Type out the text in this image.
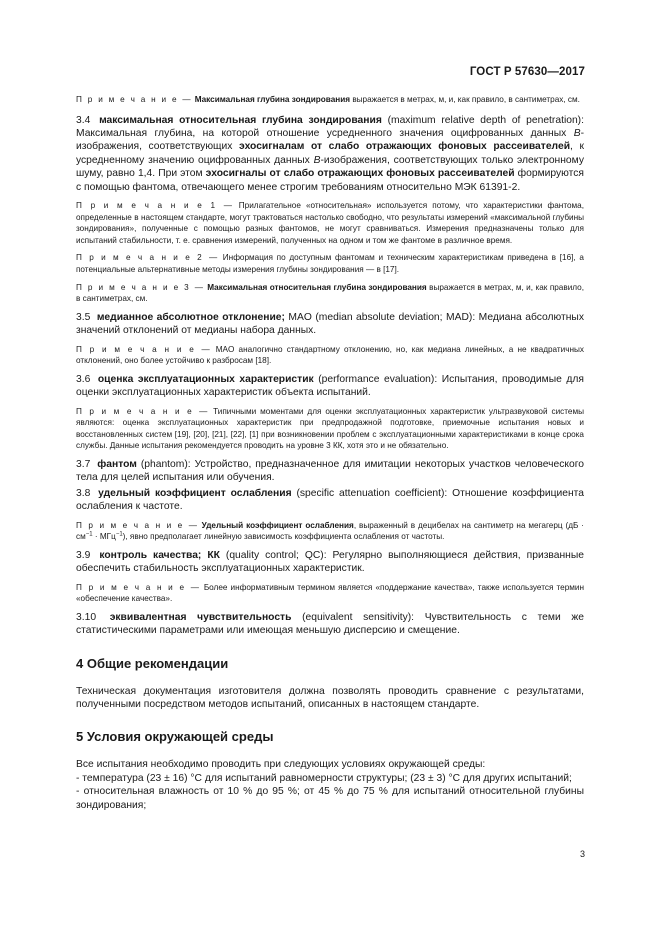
ГОСТ Р 57630—2017

П р и м е ч а н и е — Максимальная глубина зондирования выражается в метрах, м, и, как правило, в сантиметрах, см.

3.4 максимальная относительная глубина зондирования (maximum relative depth of penetration): Максимальная глубина, на которой отношение усредненного значения оцифрованных данных B-изображения, соответствующих эхосигналам от слабо отражающих фоновых рассеивателей, к усредненному значению оцифрованных данных B-изображения, соответствующих только электронному шуму, равно 1,4. При этом эхосигналы от слабо отражающих фоновых рассеивателей формируются с помощью фантома, отвечающего менее строгим требованиям относительно МЭК 61391-2.

П р и м е ч а н и е 1 — Прилагательное «относительная» используется потому, что характеристики фантома, определенные в настоящем стандарте, могут трактоваться настолько свободно, что результаты измерений «максимальной глубины зондирования», полученные с помощью разных фантомов, не могут сравниваться. Измерения предназначены только для испытаний стабильности, т. е. сравнения измерений, полученных на одном и том же фантоме в различное время.

П р и м е ч а н и е 2 — Информация по доступным фантомам и техническим характеристикам приведена в [16], а потенциальные альтернативные методы измерения глубины зондирования — в [17].

П р и м е ч а н и е 3 — Максимальная относительная глубина зондирования выражается в метрах, м, и, как правило, в сантиметрах, см.

3.5 медианное абсолютное отклонение; MAO (median absolute deviation; MAD): Медиана абсолютных значений отклонений от медианы набора данных.

П р и м е ч а н и е — MAO аналогично стандартному отклонению, но, как медиана линейных, а не квадратичных отклонений, оно более устойчиво к разбросам [18].

3.6 оценка эксплуатационных характеристик (performance evaluation): Испытания, проводимые для оценки эксплуатационных характеристик объекта испытаний.

П р и м е ч а н и е — Типичными моментами для оценки эксплуатационных характеристик ультразвуковой системы являются: оценка эксплуатационных характеристик при предпродажной подготовке, приемочные испытания новых и восстановленных систем [19], [20], [21], [22], [1] при возникновении проблем с эксплуатационными характеристиками в конце срока службы. Данные испытания рекомендуется проводить на уровне 3 КК, хотя это и не обязательно.

3.7 фантом (phantom): Устройство, предназначенное для имитации некоторых участков человеческого тела для целей испытания или обучения.

3.8 удельный коэффициент ослабления (specific attenuation coefficient): Отношение коэффициента ослабления к частоте.

П р и м е ч а н и е — Удельный коэффициент ослабления, выраженный в децибелах на сантиметр на мегагерц $(дБ \cdot см^{-1} \cdot МГц^{-1})$, явно предполагает линейную зависимость коэффициента ослабления от частоты.

3.9 контроль качества; КК (quality control; QC): Регулярно выполняющиеся действия, призванные обеспечить стабильность эксплуатационных характеристик.

П р и м е ч а н и е — Более информативным термином является «поддержание качества», также используется термин «обеспечение качества».

3.10 эквивалентная чувствительность (equivalent sensitivity): Чувствительность с теми же статистическими параметрами или имеющая меньшую дисперсию и смещение.

4 Общие рекомендации

Техническая документация изготовителя должна позволять проводить сравнение с результатами, полученными посредством методов испытаний, описанных в настоящем стандарте.

5 Условия окружающей среды

Все испытания необходимо проводить при следующих условиях окружающей среды:

- температура (23 ± 16) °С для испытаний равномерности структуры; (23 ± 3) °С для других испытаний;

- относительная влажность от 10 % до 95 %; от 45 % до 75 % для испытаний относительной глубины зондирования;

3
